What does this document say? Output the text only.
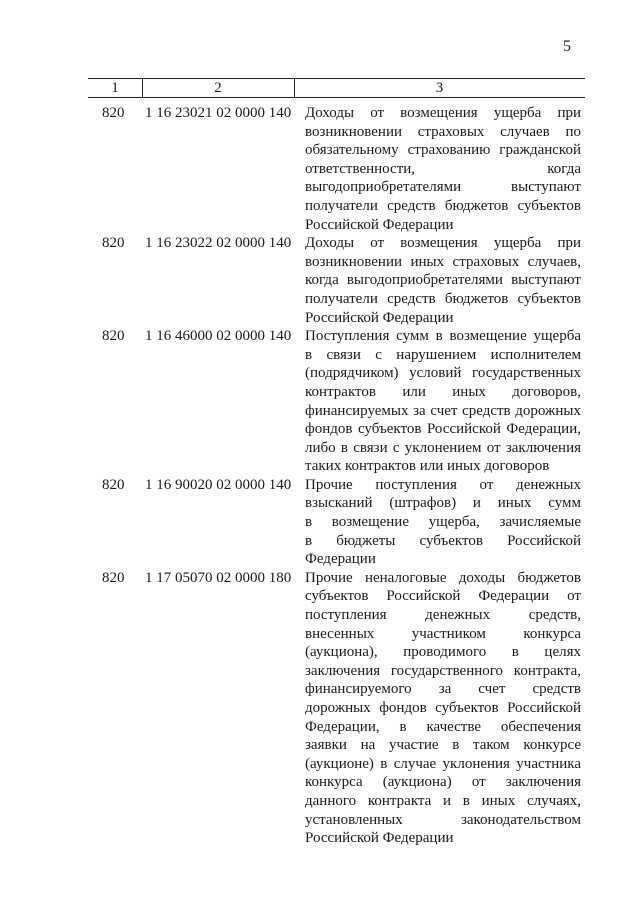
5
1	2	3
820 1 16 23021 02 0000 140 Доходы от возмещения ущерба при
возникновении страховых случаев по
обязательному страхованию гражданской
ответственности, когда
выгодоприобретателями выступают
получатели средств бюджетов субъектов
Российской Федерации
820 1 16 23022 02 0000 140 Доходы от возмещения ущерба при
возникновении иных страховых случаев,
когда выгодоприобретателями выступают
получатели средств бюджетов субъектов
Российской Федерации
820 1 16 46000 02 0000 140 Поступления сумм в возмещение ущерба
в связи с нарушением исполнителем
(подрядчиком) условий государственных
контрактов или иных договоров,
финансируемых за счет средств дорожных
фондов субъектов Российской Федерации,
либо в связи с уклонением от заключения
таких контрактов или иных договоров
820 1 16 90020 02 0000 140 Прочие поступления от денежных
взысканий (штрафов) и иных сумм
в возмещение ущерба, зачисляемые
в бюджеты субъектов Российской
Федерации
820 1 17 05070 02 0000 180 Прочие неналоговые доходы бюджетов
субъектов Российской Федерации от
поступления денежных средств,
внесенных участником конкурса
(аукциона), проводимого в целях
заключения государственного контракта,
финансируемого за счет средств
дорожных фондов субъектов Российской
Федерации, в качестве обеспечения
заявки на участие в таком конкурсе
(аукционе) в случае уклонения участника
конкурса (аукциона) от заключения
данного контракта и в иных случаях,
установленных законодательством
Российской Федерации
